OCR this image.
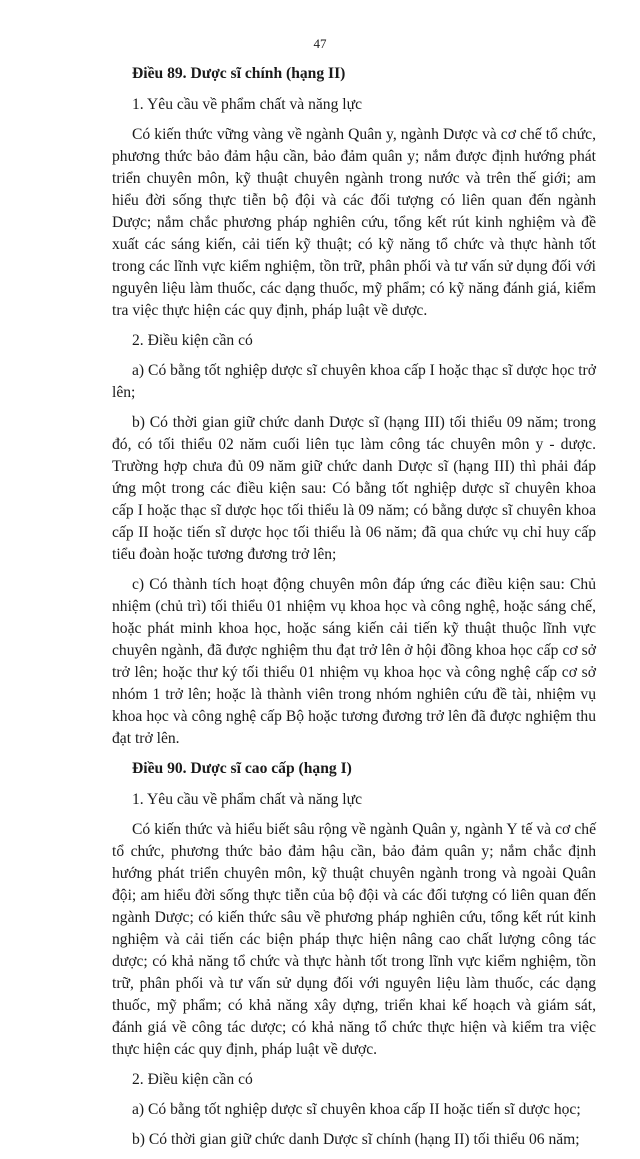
47

Điều 89. Dược sĩ chính (hạng II)

1. Yêu cầu về phẩm chất và năng lực

Có kiến thức vững vàng về ngành Quân y, ngành Dược và cơ chế tổ chức, phương thức bảo đảm hậu cần, bảo đảm quân y; nắm được định hướng phát triển chuyên môn, kỹ thuật chuyên ngành trong nước và trên thế giới; am hiểu đời sống thực tiễn bộ đội và các đối tượng có liên quan đến ngành Dược; nắm chắc phương pháp nghiên cứu, tổng kết rút kinh nghiệm và đề xuất các sáng kiến, cải tiến kỹ thuật; có kỹ năng tổ chức và thực hành tốt trong các lĩnh vực kiểm nghiệm, tồn trữ, phân phối và tư vấn sử dụng đối với nguyên liệu làm thuốc, các dạng thuốc, mỹ phẩm; có kỹ năng đánh giá, kiểm tra việc thực hiện các quy định, pháp luật về dược.

2. Điều kiện cần có

a) Có bằng tốt nghiệp dược sĩ chuyên khoa cấp I hoặc thạc sĩ dược học trở lên;

b) Có thời gian giữ chức danh Dược sĩ (hạng III) tối thiểu 09 năm; trong đó, có tối thiểu 02 năm cuối liên tục làm công tác chuyên môn y - dược. Trường hợp chưa đủ 09 năm giữ chức danh Dược sĩ (hạng III) thì phải đáp ứng một trong các điều kiện sau: Có bằng tốt nghiệp dược sĩ chuyên khoa cấp I hoặc thạc sĩ dược học tối thiểu là 09 năm; có bằng dược sĩ chuyên khoa cấp II hoặc tiến sĩ dược học tối thiểu là 06 năm; đã qua chức vụ chỉ huy cấp tiểu đoàn hoặc tương đương trở lên;

c) Có thành tích hoạt động chuyên môn đáp ứng các điều kiện sau: Chủ nhiệm (chủ trì) tối thiểu 01 nhiệm vụ khoa học và công nghệ, hoặc sáng chế, hoặc phát minh khoa học, hoặc sáng kiến cải tiến kỹ thuật thuộc lĩnh vực chuyên ngành, đã được nghiệm thu đạt trở lên ở hội đồng khoa học cấp cơ sở trở lên; hoặc thư ký tối thiểu 01 nhiệm vụ khoa học và công nghệ cấp cơ sở nhóm 1 trở lên; hoặc là thành viên trong nhóm nghiên cứu đề tài, nhiệm vụ khoa học và công nghệ cấp Bộ hoặc tương đương trở lên đã được nghiệm thu đạt trở lên.

Điều 90. Dược sĩ cao cấp (hạng I)

1. Yêu cầu về phẩm chất và năng lực

Có kiến thức và hiểu biết sâu rộng về ngành Quân y, ngành Y tế và cơ chế tổ chức, phương thức bảo đảm hậu cần, bảo đảm quân y; nắm chắc định hướng phát triển chuyên môn, kỹ thuật chuyên ngành trong và ngoài Quân đội; am hiểu đời sống thực tiễn của bộ đội và các đối tượng có liên quan đến ngành Dược; có kiến thức sâu về phương pháp nghiên cứu, tổng kết rút kinh nghiệm và cải tiến các biện pháp thực hiện nâng cao chất lượng công tác dược; có khả năng tổ chức và thực hành tốt trong lĩnh vực kiểm nghiệm, tồn trữ, phân phối và tư vấn sử dụng đối với nguyên liệu làm thuốc, các dạng thuốc, mỹ phẩm; có khả năng xây dựng, triển khai kế hoạch và giám sát, đánh giá về công tác dược; có khả năng tổ chức thực hiện và kiểm tra việc thực hiện các quy định, pháp luật về dược.

2. Điều kiện cần có

a) Có bằng tốt nghiệp dược sĩ chuyên khoa cấp II hoặc tiến sĩ dược học;

b) Có thời gian giữ chức danh Dược sĩ chính (hạng II) tối thiểu 06 năm;
